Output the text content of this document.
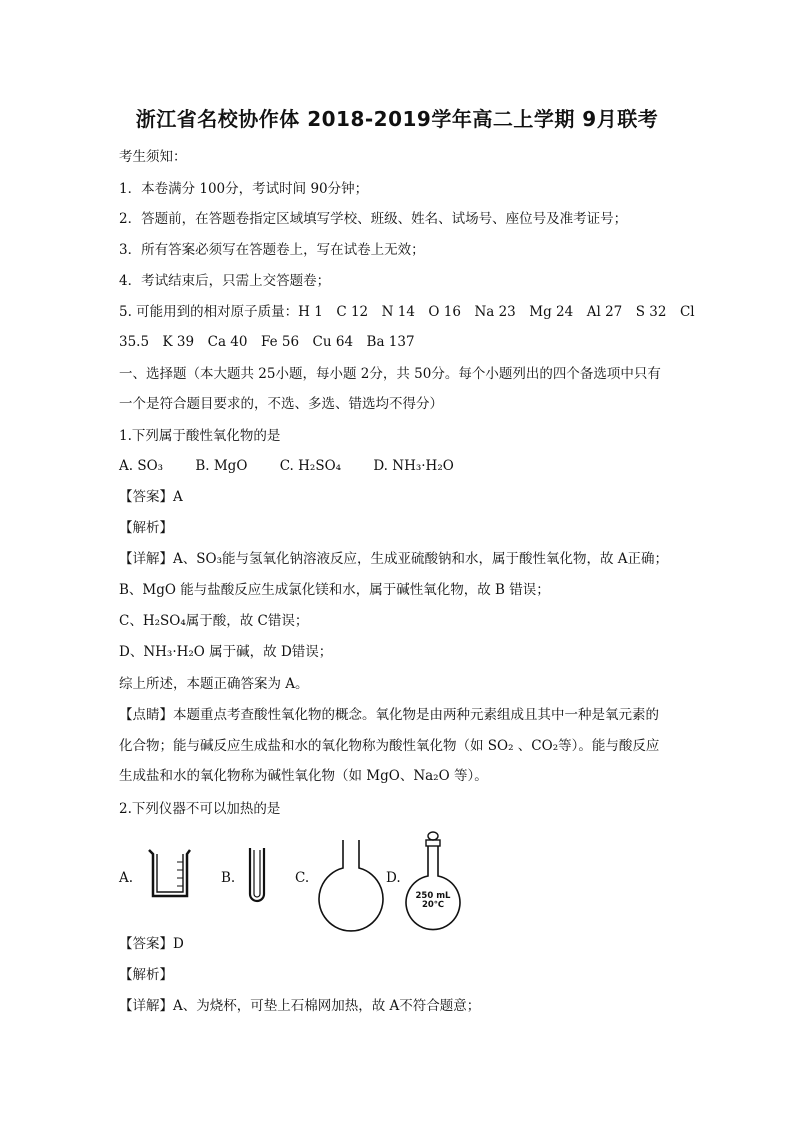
浙江省名校协作体 2018-2019学年高二上学期 9月联考
考生须知：
1．本卷满分 100分，考试时间 90分钟；
2．答题前，在答题卷指定区域填写学校、班级、姓名、试场号、座位号及准考证号；
3．所有答案必须写在答题卷上，写在试卷上无效；
4．考试结束后，只需上交答题卷；
5. 可能用到的相对原子质量：H 1　C 12　N 14　O 16　Na 23　Mg 24　Al 27　S 32　Cl
35.5　K 39　Ca 40　Fe 56　Cu 64　Ba 137
一、选择题（本大题共 25小题，每小题 2分，共 50分。每个小题列出的四个备选项中只有
一个是符合题目要求的，不选、多选、错选均不得分）
1.下列属于酸性氧化物的是
A. SO₃ B. MgO C. H₂SO₄ D. NH₃·H₂O
【答案】A
【解析】
【详解】A、SO₃能与氢氧化钠溶液反应，生成亚硫酸钠和水，属于酸性氧化物，故 A正确；
B、MgO 能与盐酸反应生成氯化镁和水，属于碱性氧化物，故 B 错误；
C、H₂SO₄属于酸，故 C错误；
D、NH₃·H₂O 属于碱，故 D错误；
综上所述，本题正确答案为 A。
【点睛】本题重点考查酸性氧化物的概念。氧化物是由两种元素组成且其中一种是氧元素的
化合物；能与碱反应生成盐和水的氧化物称为酸性氧化物（如 SO₂ 、CO₂等）。能与酸反应
生成盐和水的氧化物称为碱性氧化物（如 MgO、Na₂O 等）。
2.下列仪器不可以加热的是
A.	B.	C.	D.
250 mL
20℃
【答案】D
【解析】
【详解】A、为烧杯，可垫上石棉网加热，故 A不符合题意；
